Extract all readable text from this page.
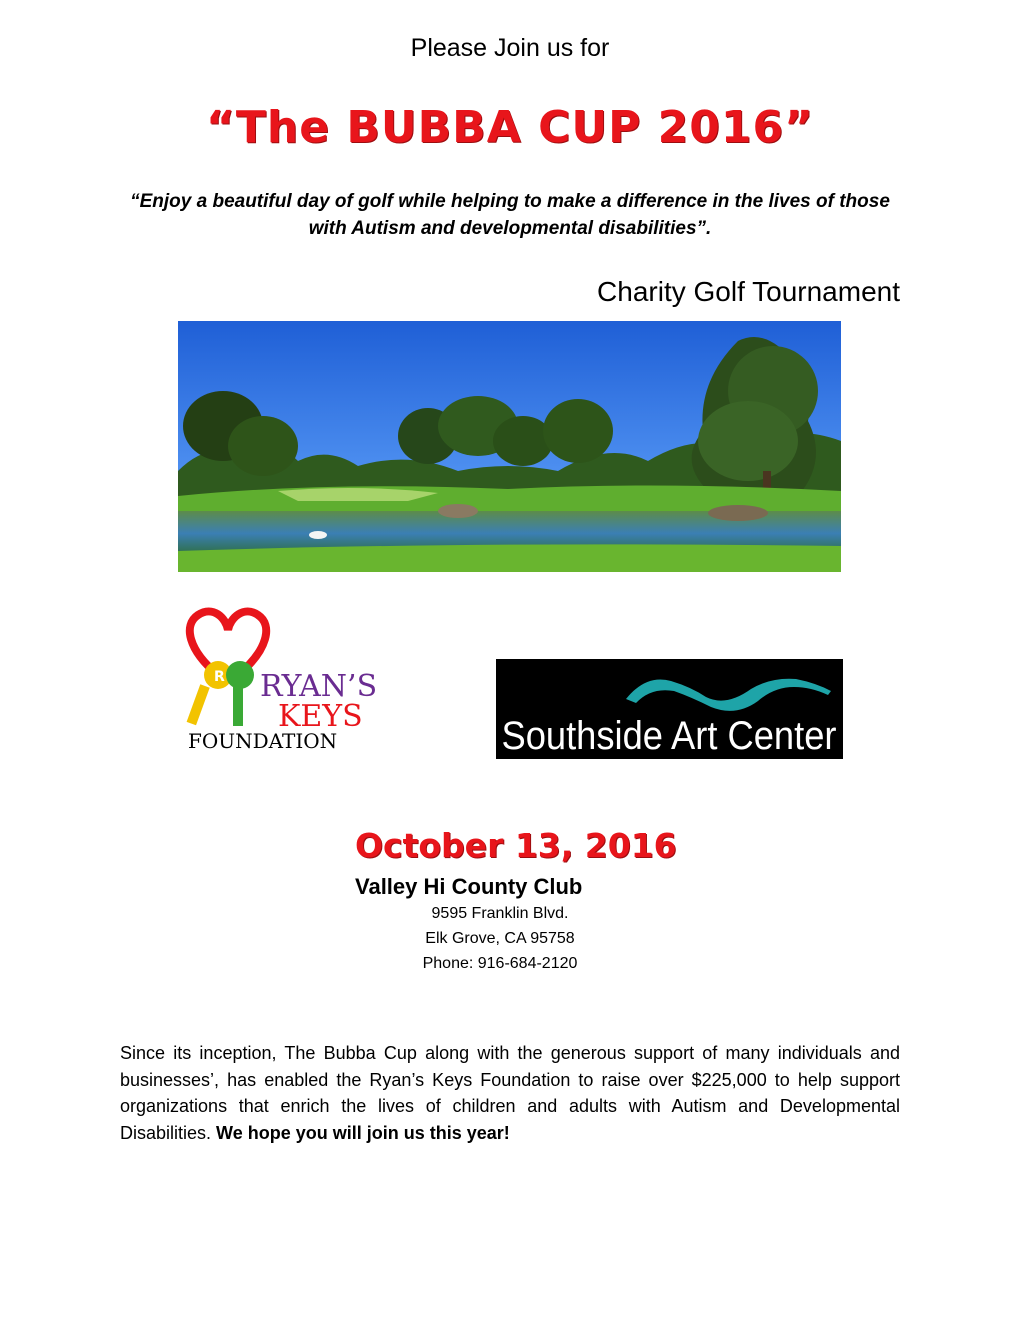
Please Join us for
“The BUBBA CUP 2016”
“Enjoy a beautiful day of golf while helping to make a difference in the lives of those with Autism and developmental disabilities”.
Charity Golf Tournament
R RYAN’S
KEYS
FOUNDATION	Southside Art Center
October 13, 2016
Valley Hi County Club
9595 Franklin Blvd.
Elk Grove, CA 95758
Phone: 916-684-2120
Since its inception, The Bubba Cup along with the generous support of many individuals and businesses’, has enabled the Ryan’s Keys Foundation to raise over $225,000 to help support organizations that enrich the lives of children and adults with Autism and Developmental Disabilities. We hope you will join us this year!
